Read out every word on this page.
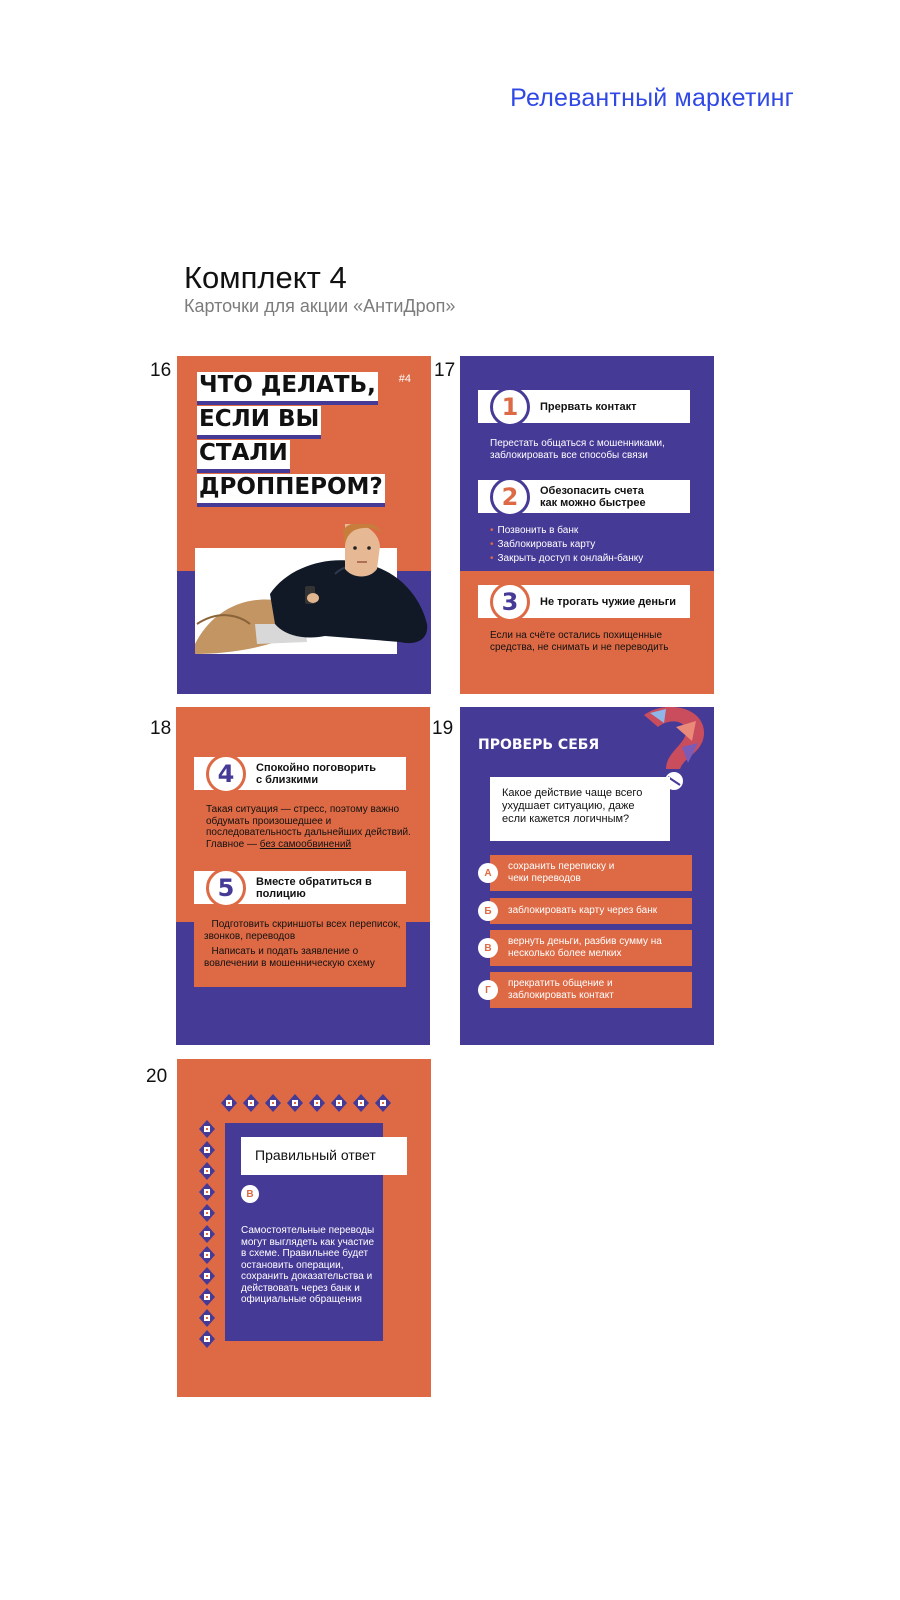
Релевантный маркетинг
Комплект 4
Карточки для акции «АнтиДроп»
16	#4
ЧТО ДЕЛАТЬ,
ЕСЛИ ВЫ
СТАЛИ
ДРОППЕРОМ?
17
1	Прервать контакт
Перестать общаться с мошенниками, заблокировать все способы связи
2	Обезопасить счета как можно быстрее
• Позвонить в банк
• Заблокировать карту
• Закрыть доступ к онлайн-банку
3	Не трогать чужие деньги
Если на счёте остались похищенные средства, не снимать и не переводить
18
4	Спокойно поговорить с близкими
Такая ситуация — стресс, поэтому важно обдумать произошедшее и последовательность дальнейших действий. Главное — без самообвинений
5	Вместе обратиться в полицию
• Подготовить скриншоты всех переписок, звонков, переводов
• Написать и подать заявление о вовлечении в мошенническую схему
19
ПРОВЕРЬ СЕБЯ
Какое действие чаще всего ухудшает ситуацию, даже если кажется логичным?
А
сохранить переписку и чеки переводов
Б	заблокировать карту через банк
В
вернуть деньги, разбив сумму на несколько более мелких
Г
прекратить общение и заблокировать контакт
20
Правильный ответ
В
Самостоятельные переводы могут выглядеть как участие в схеме. Правильнее будет остановить операции, сохранить доказательства и действовать через банк и официальные обращения
